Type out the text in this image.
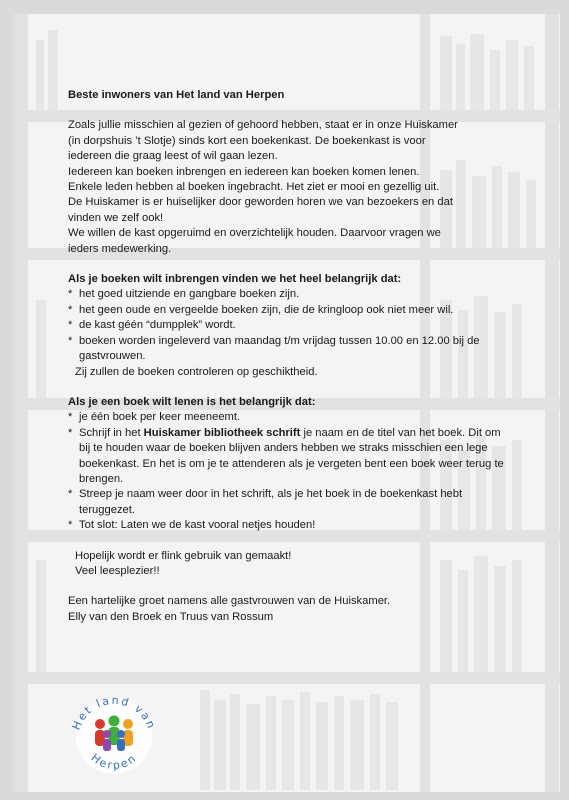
Beste inwoners van Het land van Herpen

Zoals jullie misschien al gezien of gehoord hebben, staat er in onze Huiskamer

(in dorpshuis ’t Slotje) sinds kort een boekenkast. De boekenkast is voor

iedereen die graag leest of wil gaan lezen.

Iedereen kan boeken inbrengen en iedereen kan boeken komen lenen.

Enkele leden hebben al boeken ingebracht. Het ziet er mooi en gezellig uit.

De Huiskamer is er huiselijker door geworden horen we van bezoekers en dat

vinden we zelf ook!

We willen de kast opgeruimd en overzichtelijk houden. Daarvoor vragen we

ieders medewerking.

Als je boeken wilt inbrengen vinden we het heel belangrijk dat:

* het goed uitziende en gangbare boeken zijn.
* het geen oude en vergeelde boeken zijn, die de kringloop ook niet meer wil.
* de kast géén “dumpplek” wordt.
* boeken worden ingeleverd van maandag t/m vrijdag tussen 10.00 en 12.00 bij de gastvrouwen.

Zij zullen de boeken controleren op geschiktheid.

Als je een boek wilt lenen is het belangrijk dat:

* je één boek per keer meeneemt.
* Schrijf in het Huiskamer bibliotheek schrift je naam en de titel van het boek. Dit om bij te houden waar de boeken blijven anders hebben we straks misschien een lege boekenkast. En het is om je te attenderen als je vergeten bent een boek weer terug te brengen.
* Streep je naam weer door in het schrift, als je het boek in de boekenkast hebt teruggezet.
* Tot slot: Laten we de kast vooral netjes houden!

Hopelijk wordt er flink gebruik van gemaakt!

Veel leesplezier!!

Een hartelijke groet namens alle gastvrouwen van de Huiskamer.

Elly van den Broek en Truus van Rossum

Het land van
Herpen
